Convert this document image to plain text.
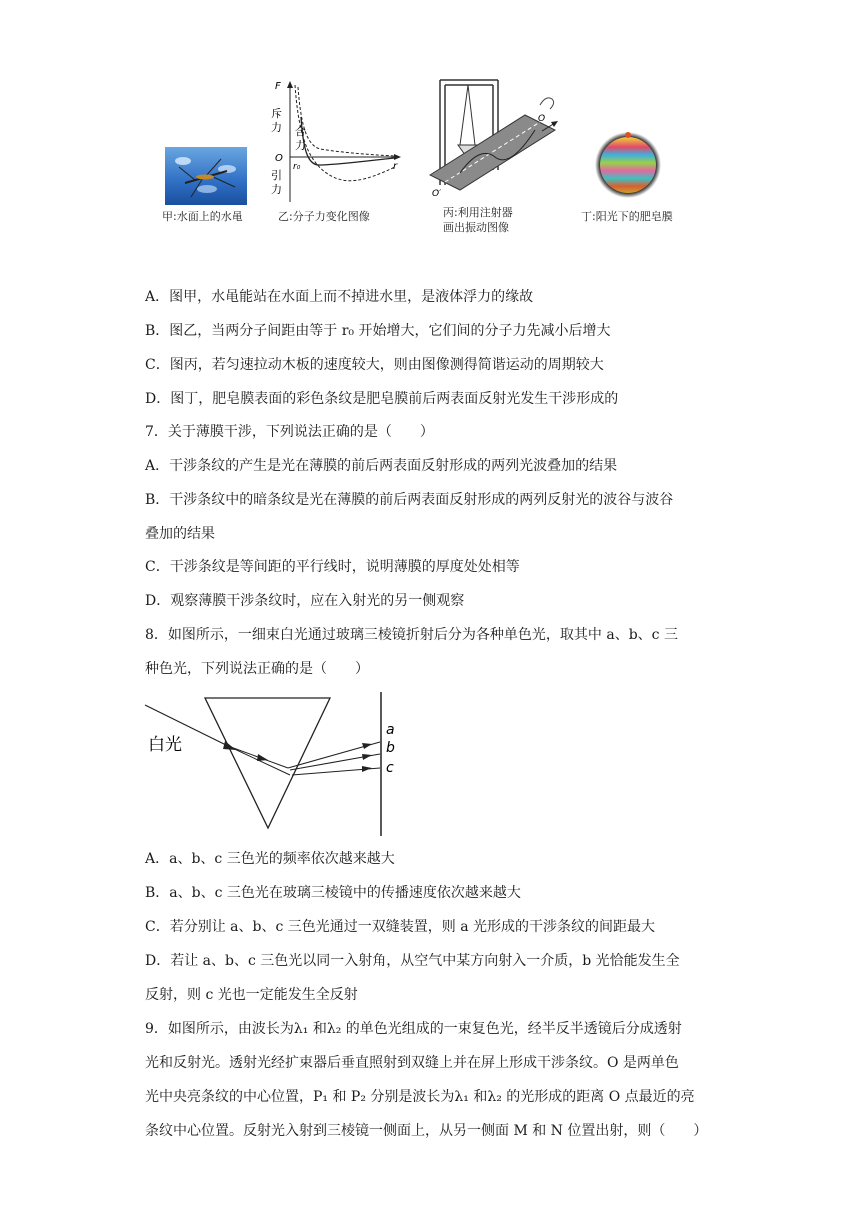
甲:水面上的水黾
F
斥
力 合
力
O
r₀	r
引
力
乙:分子力变化图像
O
O′
丙:利用注射器
画出振动图像
丁:阳光下的肥皂膜
A．图甲，水黾能站在水面上而不掉进水里，是液体浮力的缘故
B．图乙，当两分子间距由等于 r₀ 开始增大，它们间的分子力先减小后增大
C．图丙，若匀速拉动木板的速度较大，则由图像测得简谐运动的周期较大
D．图丁，肥皂膜表面的彩色条纹是肥皂膜前后两表面反射光发生干涉形成的
7．关于薄膜干涉，下列说法正确的是（　　）
A．干涉条纹的产生是光在薄膜的前后两表面反射形成的两列光波叠加的结果
B．干涉条纹中的暗条纹是光在薄膜的前后两表面反射形成的两列反射光的波谷与波谷
叠加的结果
C．干涉条纹是等间距的平行线时，说明薄膜的厚度处处相等
D．观察薄膜干涉条纹时，应在入射光的另一侧观察
8．如图所示，一细束白光通过玻璃三棱镜折射后分为各种单色光，取其中 a、b、c 三
种色光，下列说法正确的是（　　）
白光
a
b
c
A．a、b、c 三色光的频率依次越来越大
B．a、b、c 三色光在玻璃三棱镜中的传播速度依次越来越大
C．若分别让 a、b、c 三色光通过一双缝装置，则 a 光形成的干涉条纹的间距最大
D．若让 a、b、c 三色光以同一入射角，从空气中某方向射入一介质，b 光恰能发生全
反射，则 c 光也一定能发生全反射
9．如图所示，由波长为λ₁ 和λ₂ 的单色光组成的一束复色光，经半反半透镜后分成透射
光和反射光。透射光经扩束器后垂直照射到双缝上并在屏上形成干涉条纹。O 是两单色
光中央亮条纹的中心位置，P₁ 和 P₂ 分别是波长为λ₁ 和λ₂ 的光形成的距离 O 点最近的亮
条纹中心位置。反射光入射到三棱镜一侧面上，从另一侧面 M 和 N 位置出射，则（　　）
